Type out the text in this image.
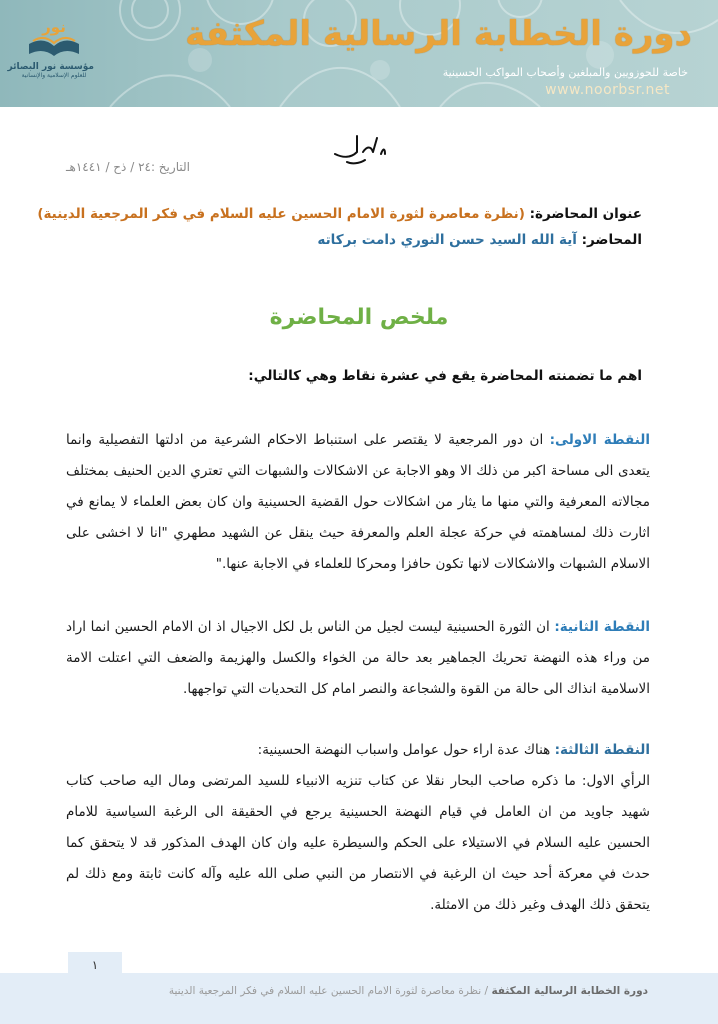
دورة الخطابة الرسالية المكثفة
خاصة للحوزويين والمبلغين وأصحاب المواكب الحسينية
www.noorbsr.net
نور
مؤسسة نور البصائر
للعلوم الإسلامية والإنسانية
التاريخ :٢٤ / ذح / ١٤٤١هـ
عنوان المحاضرة: (نظرة معاصرة لثورة الامام الحسين عليه السلام في فكر المرجعية الدينية)
المحاضر: آية الله السيد حسن النوري دامت بركاته
ملخص المحاضرة
اهم ما تضمنته المحاضرة يقع في عشرة نقاط وهي كالتالي:
النقطة الاولى: ان دور المرجعية لا يقتصر على استنباط الاحكام الشرعية من ادلتها التفصيلية وانما يتعدى الى مساحة اكبر من ذلك الا وهو الاجابة عن الاشكالات والشبهات التي تعتري الدين الحنيف بمختلف مجالاته المعرفية والتي منها ما يثار من اشكالات حول القضية الحسينية وان كان بعض العلماء لا يمانع في اثارت ذلك لمساهمته في حركة عجلة العلم والمعرفة حيث ينقل عن الشهيد مطهري "انا لا اخشى على الاسلام الشبهات والاشكالات لانها تكون حافزا ومحركا للعلماء في الاجابة عنها."
النقطة الثانية: ان الثورة الحسينية ليست لجيل من الناس بل لكل الاجيال اذ ان الامام الحسين انما اراد من وراء هذه النهضة تحريك الجماهير بعد حالة من الخواء والكسل والهزيمة والضعف التي اعتلت الامة الاسلامية انذاك الى حالة من القوة والشجاعة والنصر امام كل التحديات التي تواجهها.
النقطة الثالثة: هناك عدة اراء حول عوامل واسباب النهضة الحسينية:
الرأي الاول: ما ذكره صاحب البحار نقلا عن كتاب تنزيه الانبياء للسيد المرتضى ومال اليه صاحب كتاب شهيد جاويد من ان العامل في قيام النهضة الحسينية يرجع في الحقيقة الى الرغبة السياسية للامام الحسين عليه السلام في الاستيلاء على الحكم والسيطرة عليه وان كان الهدف المذكور قد لا يتحقق كما حدث في معركة أحد حيث ان الرغبة في الانتصار من النبي صلى الله عليه وآله كانت ثابتة ومع ذلك لم يتحقق ذلك الهدف وغير ذلك من الامثلة.
١
دورة الخطابة الرسالية المكثفة / نظرة معاصرة لثورة الامام الحسين عليه السلام في فكر المرجعية الدينية
